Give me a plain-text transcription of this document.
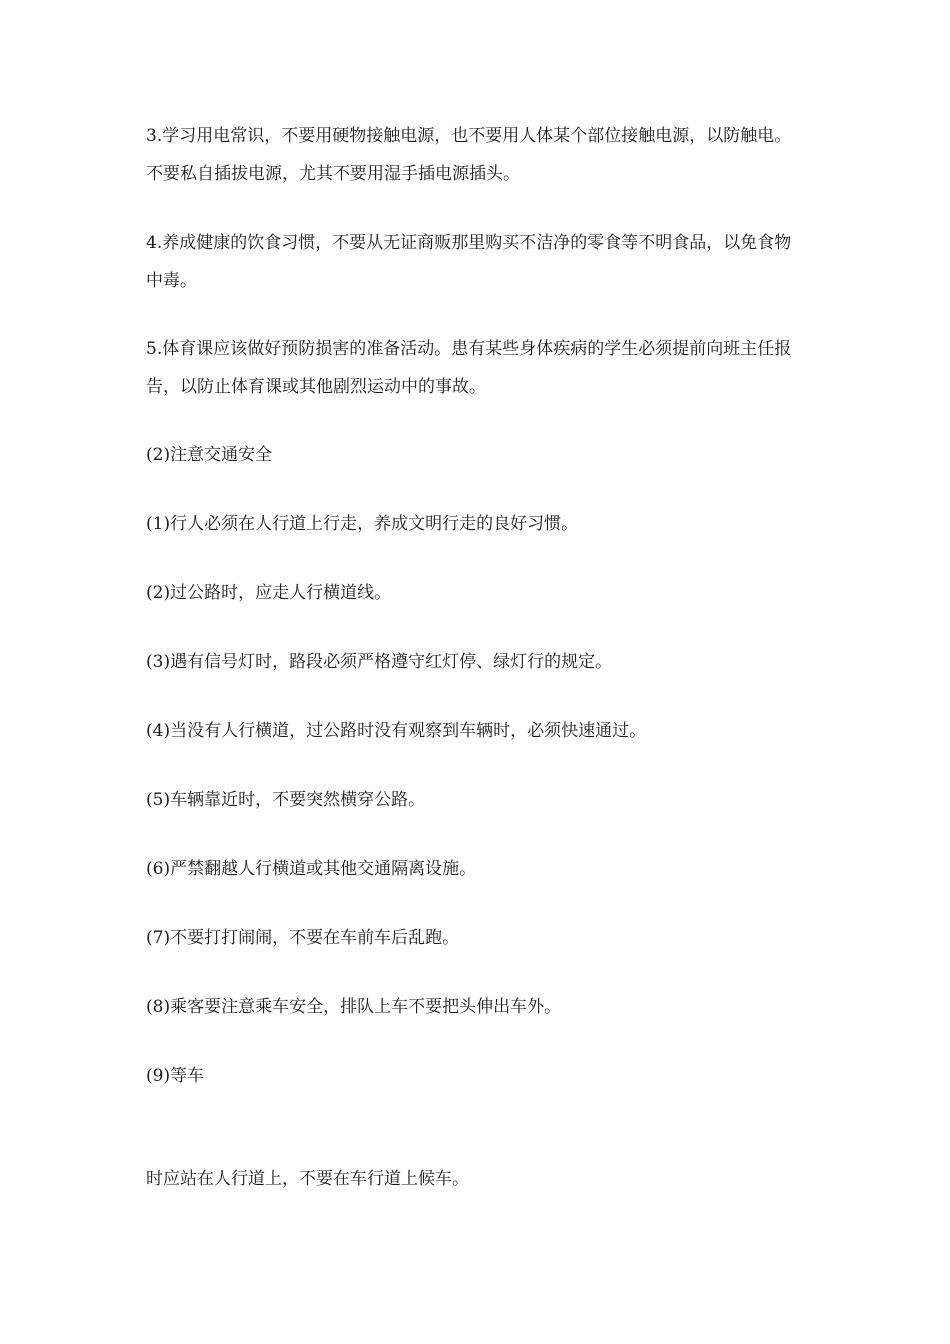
3.学习用电常识，不要用硬物接触电源，也不要用人体某个部位接触电源，以防触电。不要私自插拔电源，尤其不要用湿手插电源插头。

4.养成健康的饮食习惯，不要从无证商贩那里购买不洁净的零食等不明食品，以免食物中毒。

5.体育课应该做好预防损害的准备活动。患有某些身体疾病的学生必须提前向班主任报告，以防止体育课或其他剧烈运动中的事故。

(2)注意交通安全

(1)行人必须在人行道上行走，养成文明行走的良好习惯。

(2)过公路时，应走人行横道线。

(3)遇有信号灯时，路段必须严格遵守红灯停、绿灯行的规定。

(4)当没有人行横道，过公路时没有观察到车辆时，必须快速通过。

(5)车辆靠近时，不要突然横穿公路。

(6)严禁翻越人行横道或其他交通隔离设施。

(7)不要打打闹闹，不要在车前车后乱跑。

(8)乘客要注意乘车安全，排队上车不要把头伸出车外。

(9)等车

时应站在人行道上，不要在车行道上候车。
